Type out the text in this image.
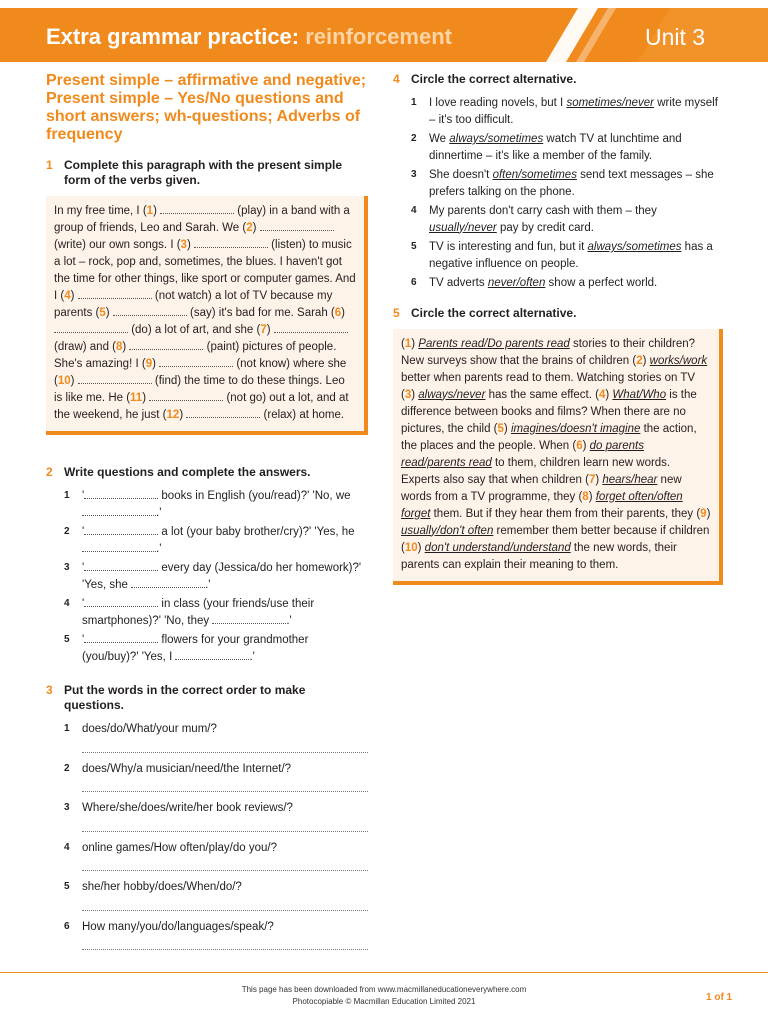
Extra grammar practice: reinforcement	Unit 3
Present simple – affirmative and negative; Present simple – Yes/No questions and short answers; wh-questions; Adverbs of frequency
1 Complete this paragraph with the present simple form of the verbs given.
In my free time, I (1)	(play) in a band with a group of friends, Leo and Sarah. We (2)  (write) our own songs. I (3)	(listen) to music a lot – rock, pop and, sometimes, the blues. I haven't got the time for other things, like sport or computer games. And I (4)	(not watch) a lot of TV because my parents (5)	(say) it's bad for me. Sarah (6)  (do) a lot of art, and she (7)  (draw) and (8)	(paint) pictures of people. She's amazing! I (9)	(not know) where she (10)	(find) the time to do these things. Leo is like me. He (11)	(not go) out a lot, and at the weekend, he just (12)	(relax) at home.
2 Write questions and complete the answers.
1	'	books in English (you/read)?' 'No, we .'
2	'	a lot (your baby brother/cry)?' 'Yes, he .'
3	'	every day (Jessica/do her homework)?' 'Yes, she	.'
4	'	in class (your friends/use their smartphones)?' 'No, they	.'
5	'	flowers for your grandmother (you/buy)?' 'Yes, I	.'
3 Put the words in the correct order to make questions.
1	does/do/What/your mum/?
2	does/Why/a musician/need/the Internet/?
3	Where/she/does/write/her book reviews/?
4	online games/How often/play/do you/?
5	she/her hobby/does/When/do/?
6	How many/you/do/languages/speak/?
4 Circle the correct alternative.
1	I love reading novels, but I sometimes/never write myself – it's too difficult.
2	We always/sometimes watch TV at lunchtime and dinnertime – it's like a member of the family.
3	She doesn't often/sometimes send text messages – she prefers talking on the phone.
4	My parents don't carry cash with them – they usually/never pay by credit card.
5	TV is interesting and fun, but it always/sometimes has a negative influence on people.
6	TV adverts never/often show a perfect world.
5 Circle the correct alternative.
(1) Parents read/Do parents read stories to their children? New surveys show that the brains of children (2) works/work better when parents read to them. Watching stories on TV (3) always/never has the same effect. (4) What/Who is the difference between books and films? When there are no pictures, the child (5) imagines/doesn't imagine the action, the places and the people. When (6) do parents read/parents read to them, children learn new words. Experts also say that when children (7) hears/hear new words from a TV programme, they (8) forget often/often forget them. But if they hear them from their parents, they (9) usually/don't often remember them better because if children (10) don't understand/understand the new words, their parents can explain their meaning to them.
This page has been downloaded from www.macmillaneducationeverywhere.com
Photocopiable © Macmillan Education Limited 2021	1 of 1
